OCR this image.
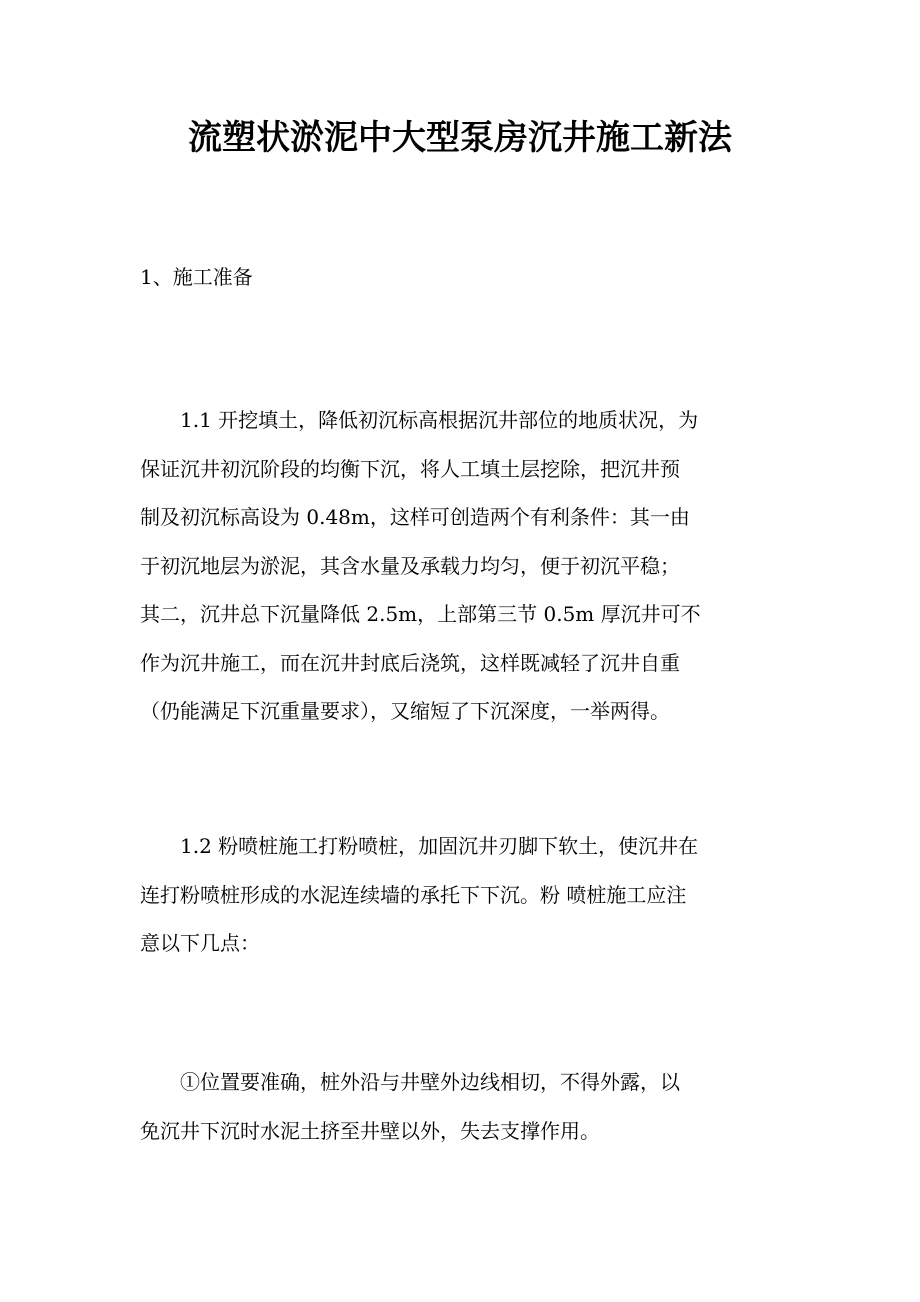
流塑状淤泥中大型泵房沉井施工新法
1、施工准备
1.1 开挖填土，降低初沉标高根据沉井部位的地质状况，为
保证沉井初沉阶段的均衡下沉，将人工填土层挖除，把沉井预
制及初沉标高设为 0.48m，这样可创造两个有利条件：其一由
于初沉地层为淤泥，其含水量及承载力均匀，便于初沉平稳；
其二，沉井总下沉量降低 2.5m，上部第三节 0.5m 厚沉井可不
作为沉井施工，而在沉井封底后浇筑，这样既减轻了沉井自重
（仍能满足下沉重量要求），又缩短了下沉深度，一举两得。
1.2 粉喷桩施工打粉喷桩，加固沉井刃脚下软土，使沉井在
连打粉喷桩形成的水泥连续墙的承托下下沉。粉 喷桩施工应注
意以下几点：
①位置要准确，桩外沿与井壁外边线相切，不得外露，以
免沉井下沉时水泥土挤至井壁以外，失去支撑作用。
